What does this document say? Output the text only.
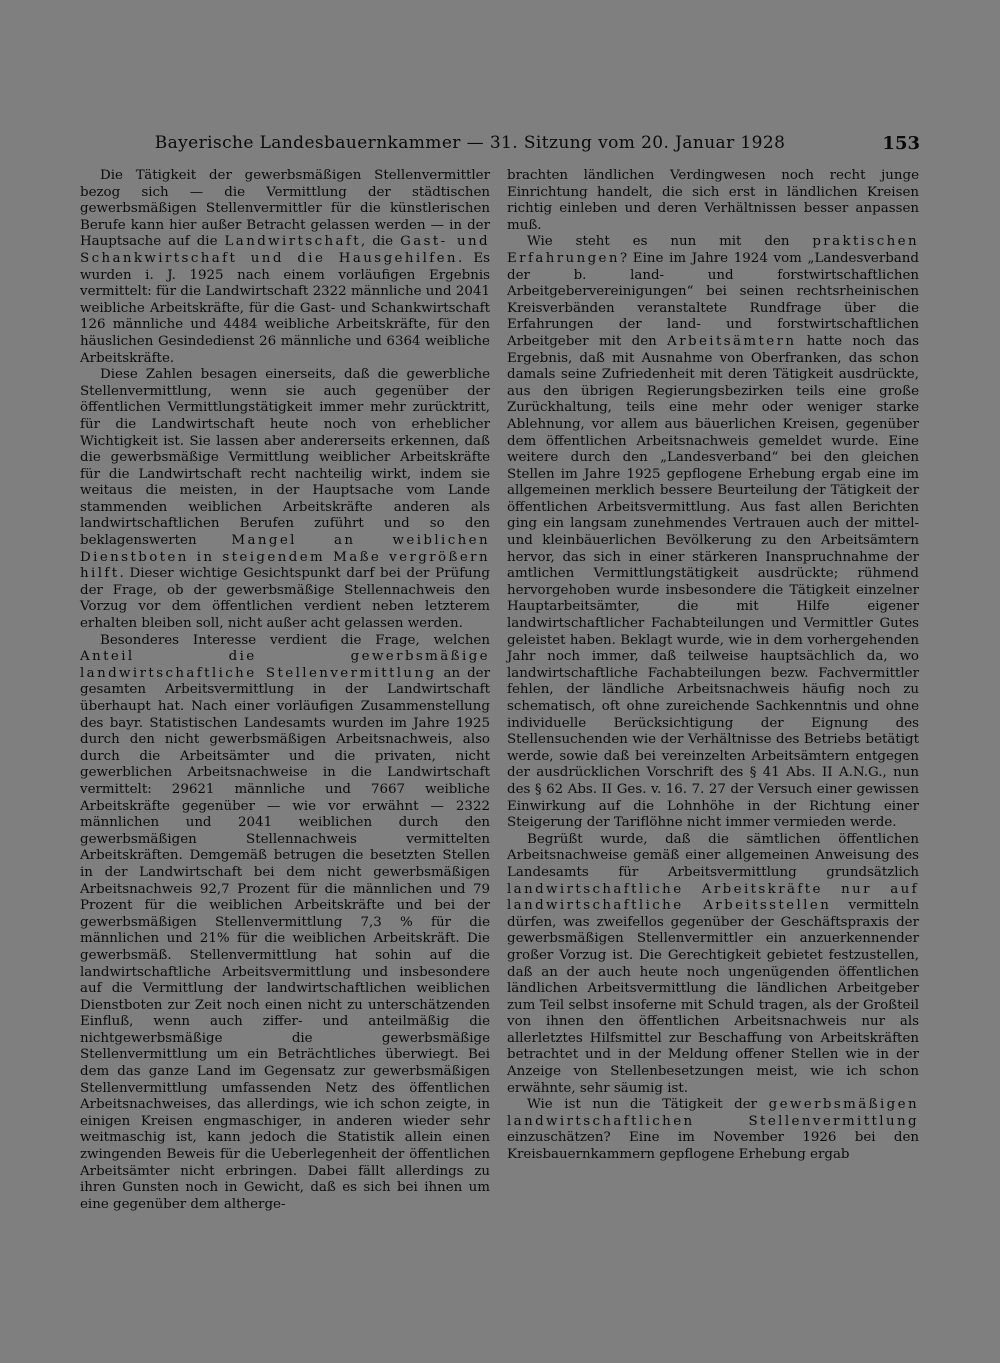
Bayerische Landesbauernkammer — 31. Sitzung vom 20. Januar 1928	153

Die Tätigkeit der gewerbsmäßigen Stellenvermittler bezog sich — die Vermittlung der städtischen gewerbsmäßigen Stellenvermittler für die künstlerischen Berufe kann hier außer Betracht gelassen werden — in der Hauptsache auf die Landwirtschaft, die Gast- und Schankwirtschaft und die Hausgehilfen. Es wurden i. J. 1925 nach einem vorläufigen Ergebnis vermittelt: für die Landwirtschaft 2322 männliche und 2041 weibliche Arbeitskräfte, für die Gast- und Schankwirtschaft 126 männliche und 4484 weibliche Arbeitskräfte, für den häuslichen Gesindedienst 26 männliche und 6364 weibliche Arbeitskräfte.

Diese Zahlen besagen einerseits, daß die gewerbliche Stellenvermittlung, wenn sie auch gegenüber der öffentlichen Vermittlungstätigkeit immer mehr zurücktritt, für die Landwirtschaft heute noch von erheblicher Wichtigkeit ist. Sie lassen aber andererseits erkennen, daß die gewerbsmäßige Vermittlung weiblicher Arbeitskräfte für die Landwirtschaft recht nachteilig wirkt, indem sie weitaus die meisten, in der Hauptsache vom Lande stammenden weiblichen Arbeitskräfte anderen als landwirtschaftlichen Berufen zuführt und so den beklagenswerten Mangel an weiblichen Dienstboten in steigendem Maße vergrößern hilft. Dieser wichtige Gesichtspunkt darf bei der Prüfung der Frage, ob der gewerbsmäßige Stellennachweis den Vorzug vor dem öffentlichen verdient neben letzterem erhalten bleiben soll, nicht außer acht gelassen werden.

Besonderes Interesse verdient die Frage, welchen Anteil die gewerbsmäßige landwirtschaftliche Stellenvermittlung an der gesamten Arbeitsvermittlung in der Landwirtschaft überhaupt hat. Nach einer vorläufigen Zusammenstellung des bayr. Statistischen Landesamts wurden im Jahre 1925 durch den nicht gewerbsmäßigen Arbeitsnachweis, also durch die Arbeitsämter und die privaten, nicht gewerblichen Arbeitsnachweise in die Landwirtschaft vermittelt: 29621 männliche und 7667 weibliche Arbeitskräfte gegenüber — wie vor erwähnt — 2322 männlichen und 2041 weiblichen durch den gewerbsmäßigen Stellennachweis vermittelten Arbeitskräften. Demgemäß betrugen die besetzten Stellen in der Landwirtschaft bei dem nicht gewerbsmäßigen Arbeitsnachweis 92,7 Prozent für die männlichen und 79 Prozent für die weiblichen Arbeitskräfte und bei der gewerbsmäßigen Stellenvermittlung 7,3 % für die männlichen und 21% für die weiblichen Arbeitskräft. Die gewerbsmäß. Stellenvermittlung hat sohin auf die landwirtschaftliche Arbeitsvermittlung und insbesondere auf die Vermittlung der landwirtschaftlichen weiblichen Dienstboten zur Zeit noch einen nicht zu unterschätzenden Einfluß, wenn auch ziffer- und anteilmäßig die nichtgewerbsmäßige die gewerbsmäßige Stellenvermittlung um ein Beträchtliches überwiegt. Bei dem das ganze Land im Gegensatz zur gewerbsmäßigen Stellenvermittlung umfassenden Netz des öffentlichen Arbeitsnachweises, das allerdings, wie ich schon zeigte, in einigen Kreisen engmaschiger, in anderen wieder sehr weitmaschig ist, kann jedoch die Statistik allein einen zwingenden Beweis für die Ueberlegenheit der öffentlichen Arbeitsämter nicht erbringen. Dabei fällt allerdings zu ihren Gunsten noch in Gewicht, daß es sich bei ihnen um eine gegenüber dem altherge-

brachten ländlichen Verdingwesen noch recht junge Einrichtung handelt, die sich erst in ländlichen Kreisen richtig einleben und deren Verhältnissen besser anpassen muß.

Wie steht es nun mit den praktischen Erfahrungen? Eine im Jahre 1924 vom „Landesverband der b. land- und forstwirtschaftlichen Arbeitgebervereinigungen“ bei seinen rechtsrheinischen Kreisverbänden veranstaltete Rundfrage über die Erfahrungen der land- und forstwirtschaftlichen Arbeitgeber mit den Arbeitsämtern hatte noch das Ergebnis, daß mit Ausnahme von Oberfranken, das schon damals seine Zufriedenheit mit deren Tätigkeit ausdrückte, aus den übrigen Regierungsbezirken teils eine große Zurückhaltung, teils eine mehr oder weniger starke Ablehnung, vor allem aus bäuerlichen Kreisen, gegenüber dem öffentlichen Arbeitsnachweis gemeldet wurde. Eine weitere durch den „Landesverband“ bei den gleichen Stellen im Jahre 1925 gepflogene Erhebung ergab eine im allgemeinen merklich bessere Beurteilung der Tätigkeit der öffentlichen Arbeitsvermittlung. Aus fast allen Berichten ging ein langsam zunehmendes Vertrauen auch der mittel- und kleinbäuerlichen Bevölkerung zu den Arbeitsämtern hervor, das sich in einer stärkeren Inanspruchnahme der amtlichen Vermittlungstätigkeit ausdrückte; rühmend hervorgehoben wurde insbesondere die Tätigkeit einzelner Hauptarbeitsämter, die mit Hilfe eigener landwirtschaftlicher Fachabteilungen und Vermittler Gutes geleistet haben. Beklagt wurde, wie in dem vorhergehenden Jahr noch immer, daß teilweise hauptsächlich da, wo landwirtschaftliche Fachabteilungen bezw. Fachvermittler fehlen, der ländliche Arbeitsnachweis häufig noch zu schematisch, oft ohne zureichende Sachkenntnis und ohne individuelle Berücksichtigung der Eignung des Stellensuchenden wie der Verhältnisse des Betriebs betätigt werde, sowie daß bei vereinzelten Arbeitsämtern entgegen der ausdrücklichen Vorschrift des § 41 Abs. II A.N.G., nun des § 62 Abs. II Ges. v. 16. 7. 27 der Versuch einer gewissen Einwirkung auf die Lohnhöhe in der Richtung einer Steigerung der Tariflöhne nicht immer vermieden werde.

Begrüßt wurde, daß die sämtlichen öffentlichen Arbeitsnachweise gemäß einer allgemeinen Anweisung des Landesamts für Arbeitsvermittlung grundsätzlich landwirtschaftliche Arbeitskräfte nur auf landwirtschaftliche Arbeitsstellen vermitteln dürfen, was zweifellos gegenüber der Geschäftspraxis der gewerbsmäßigen Stellenvermittler ein anzuerkennender großer Vorzug ist. Die Gerechtigkeit gebietet festzustellen, daß an der auch heute noch ungenügenden öffentlichen ländlichen Arbeitsvermittlung die ländlichen Arbeitgeber zum Teil selbst insoferne mit Schuld tragen, als der Großteil von ihnen den öffentlichen Arbeitsnachweis nur als allerletztes Hilfsmittel zur Beschaffung von Arbeitskräften betrachtet und in der Meldung offener Stellen wie in der Anzeige von Stellenbesetzungen meist, wie ich schon erwähnte, sehr säumig ist.

Wie ist nun die Tätigkeit der gewerbsmäßigen landwirtschaftlichen Stellenvermittlung einzuschätzen? Eine im November 1926 bei den Kreisbauernkammern gepflogene Erhebung ergab
